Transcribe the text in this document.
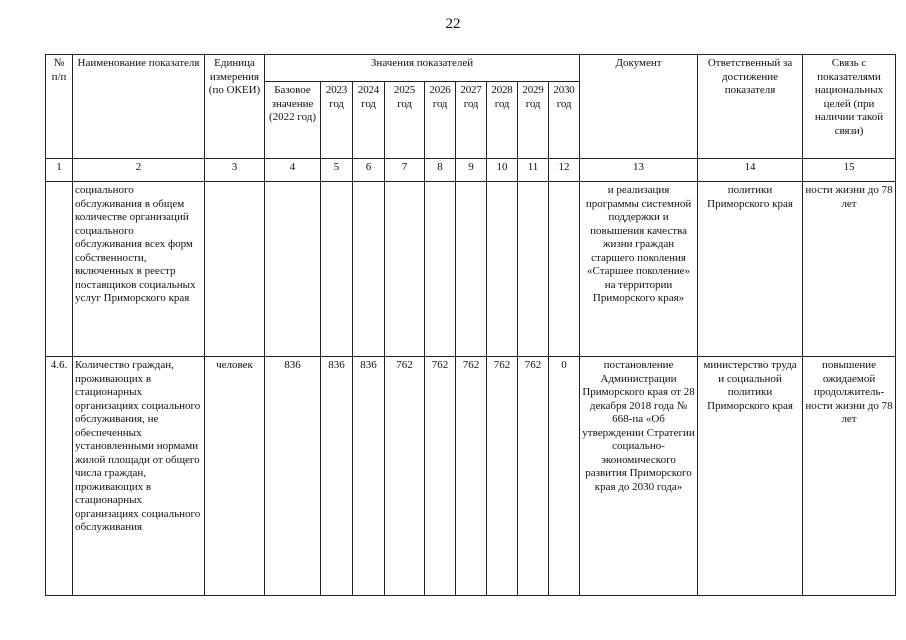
22
№ п/п	Наименование показателя	Единица измерения (по ОКЕИ)	Значения показателей									Документ	Ответственный за достижение показателя	Связь с показателями национальных целей (при наличии такой связи)
			Базовое значение (2022 год)	2023 год	2024 год	2025 год	2026 год	2027 год	2028 год	2029 год	2030 год			
1	2	3	4	5	6	7	8	9	10	11	12	13	14	15
	социального обслуживания в общем количестве организаций социального обслуживания всех форм собственности, включенных в реестр поставщиков социальных услуг Приморского края											и реализация программы системной поддержки и повышения качества жизни граждан старшего поколения «Старшее поколение» на территории Приморского края»	политики Приморского края	ности жизни до 78 лет
4.6.	Количество граждан, проживающих в стационарных организациях социального обслуживания, не обеспеченных установленными нормами жилой площади от общего числа граждан, проживающих в стационарных организациях социального обслуживания	человек	836	836	836	762	762	762	762	762	0	постановление Администрации Приморского края от 28 декабря 2018 года № 668-па «Об утверждении Стратегии социально-экономического развития Приморского края до 2030 года»	министерство труда и социальной политики Приморского края	повышение ожидаемой продолжитель-ности жизни до 78 лет
